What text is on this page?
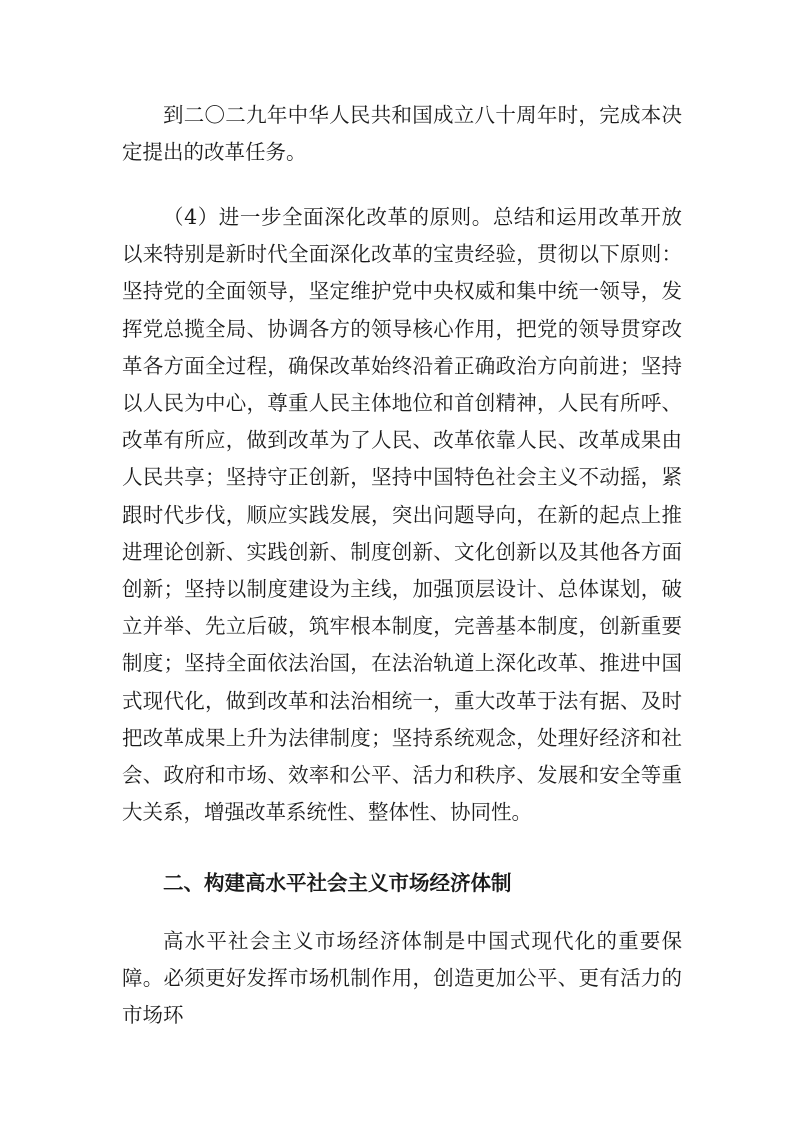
到二〇二九年中华人民共和国成立八十周年时，完成本决定提出的改革任务。

（4）进一步全面深化改革的原则。总结和运用改革开放以来特别是新时代全面深化改革的宝贵经验，贯彻以下原则：坚持党的全面领导，坚定维护党中央权威和集中统一领导，发挥党总揽全局、协调各方的领导核心作用，把党的领导贯穿改革各方面全过程，确保改革始终沿着正确政治方向前进；坚持以人民为中心，尊重人民主体地位和首创精神，人民有所呼、改革有所应，做到改革为了人民、改革依靠人民、改革成果由人民共享；坚持守正创新，坚持中国特色社会主义不动摇，紧跟时代步伐，顺应实践发展，突出问题导向，在新的起点上推进理论创新、实践创新、制度创新、文化创新以及其他各方面创新；坚持以制度建设为主线，加强顶层设计、总体谋划，破立并举、先立后破，筑牢根本制度，完善基本制度，创新重要制度；坚持全面依法治国，在法治轨道上深化改革、推进中国式现代化，做到改革和法治相统一，重大改革于法有据、及时把改革成果上升为法律制度；坚持系统观念，处理好经济和社会、政府和市场、效率和公平、活力和秩序、发展和安全等重大关系，增强改革系统性、整体性、协同性。

二、构建高水平社会主义市场经济体制

高水平社会主义市场经济体制是中国式现代化的重要保障。必须更好发挥市场机制作用，创造更加公平、更有活力的市场环
